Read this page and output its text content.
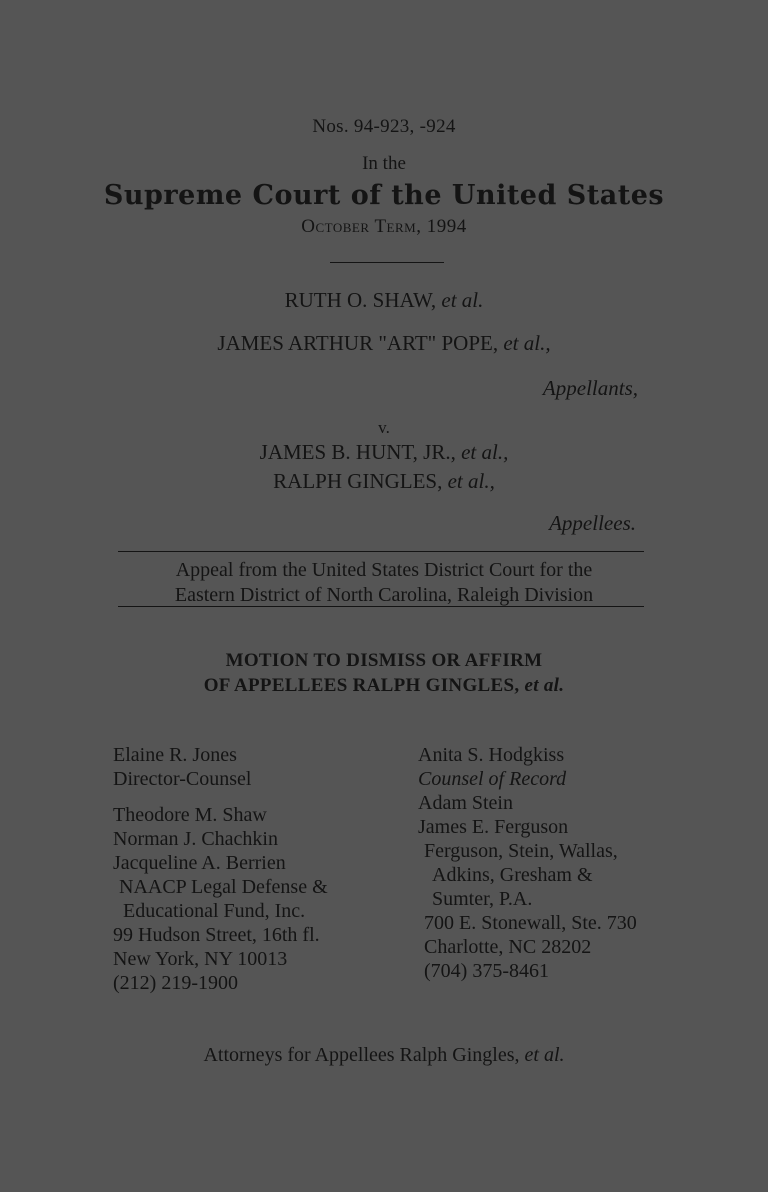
Nos. 94-923, -924
In the
Supreme Court of the United States
October Term, 1994
RUTH O. SHAW, et al.
JAMES ARTHUR "ART" POPE, et al.,
Appellants,
v.
JAMES B. HUNT, JR., et al.,
RALPH GINGLES, et al.,
Appellees.
Appeal from the United States District Court for the
Eastern District of North Carolina, Raleigh Division
MOTION TO DISMISS OR AFFIRM
OF APPELLEES RALPH GINGLES, et al.
Elaine R. Jones
Director-Counsel
Theodore M. Shaw
Norman J. Chachkin
Jacqueline A. Berrien
NAACP Legal Defense &
Educational Fund, Inc.
99 Hudson Street, 16th fl.
New York, NY 10013
(212) 219-1900
Anita S. Hodgkiss
Counsel of Record
Adam Stein
James E. Ferguson
Ferguson, Stein, Wallas,
Adkins, Gresham &
Sumter, P.A.
700 E. Stonewall, Ste. 730
Charlotte, NC 28202
(704) 375-8461
Attorneys for Appellees Ralph Gingles, et al.
